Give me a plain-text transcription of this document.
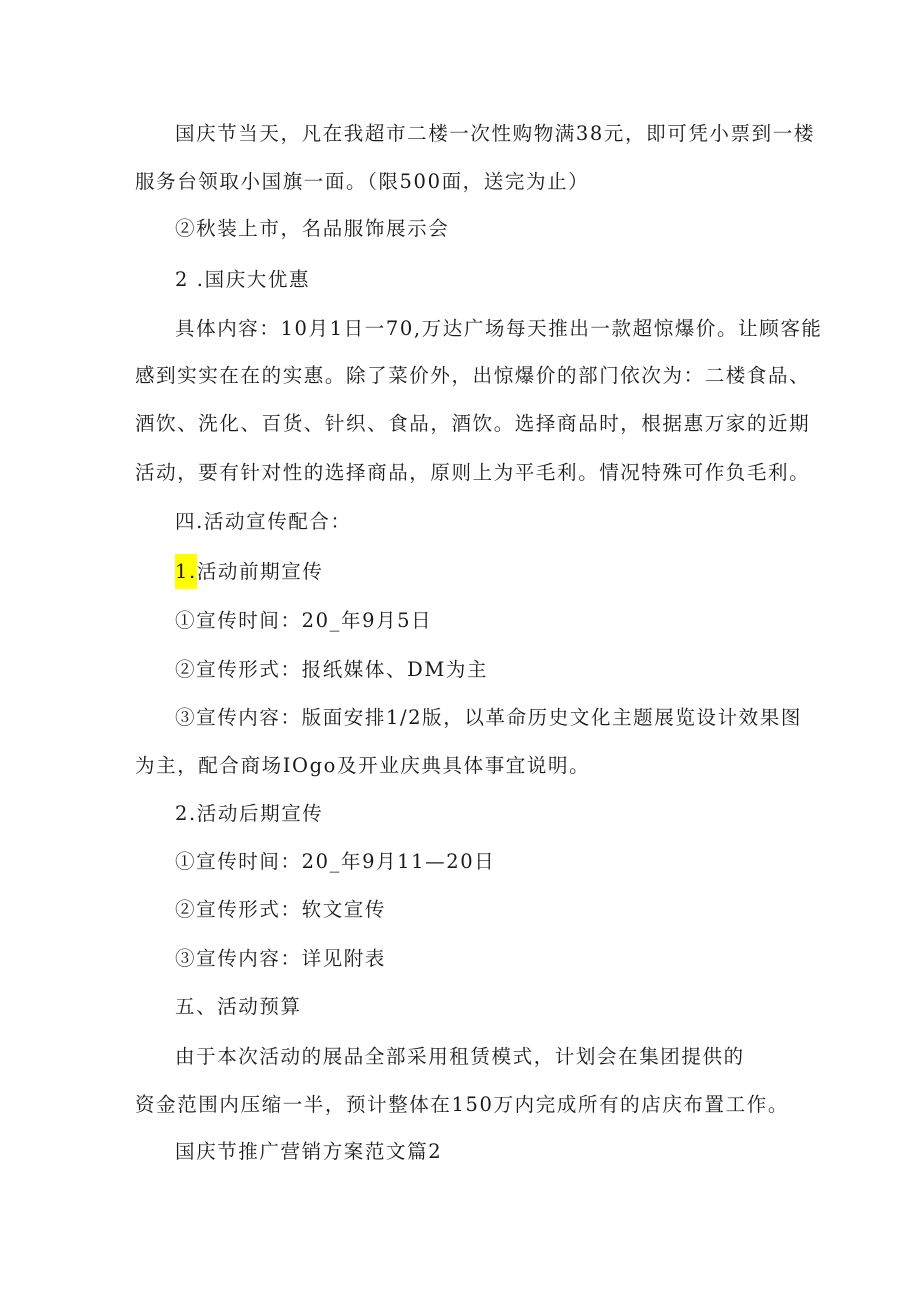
国庆节当天，凡在我超市二楼一次性购物满38元，即可凭小票到一楼
服务台领取小国旗一面。（限500面，送完为止）
②秋装上市，名品服饰展示会
2 .国庆大优惠
具体内容：10月1日一70,万达广场每天推出一款超惊爆价。让顾客能
感到实实在在的实惠。除了菜价外，出惊爆价的部门依次为：二楼食品、
酒饮、洗化、百货、针织、食品，酒饮。选择商品时，根据惠万家的近期
活动，要有针对性的选择商品，原则上为平毛利。情况特殊可作负毛利。
四.活动宣传配合：
1.活动前期宣传
①宣传时间：20_年9月5日
②宣传形式：报纸媒体、DM为主
③宣传内容：版面安排1/2版，以革命历史文化主题展览设计效果图
为主，配合商场IOgo及开业庆典具体事宜说明。
2.活动后期宣传
①宣传时间：20_年9月11—20日
②宣传形式：软文宣传
③宣传内容：详见附表
五、活动预算
由于本次活动的展品全部采用租赁模式，计划会在集团提供的
资金范围内压缩一半，预计整体在150万内完成所有的店庆布置工作。
国庆节推广营销方案范文篇2
